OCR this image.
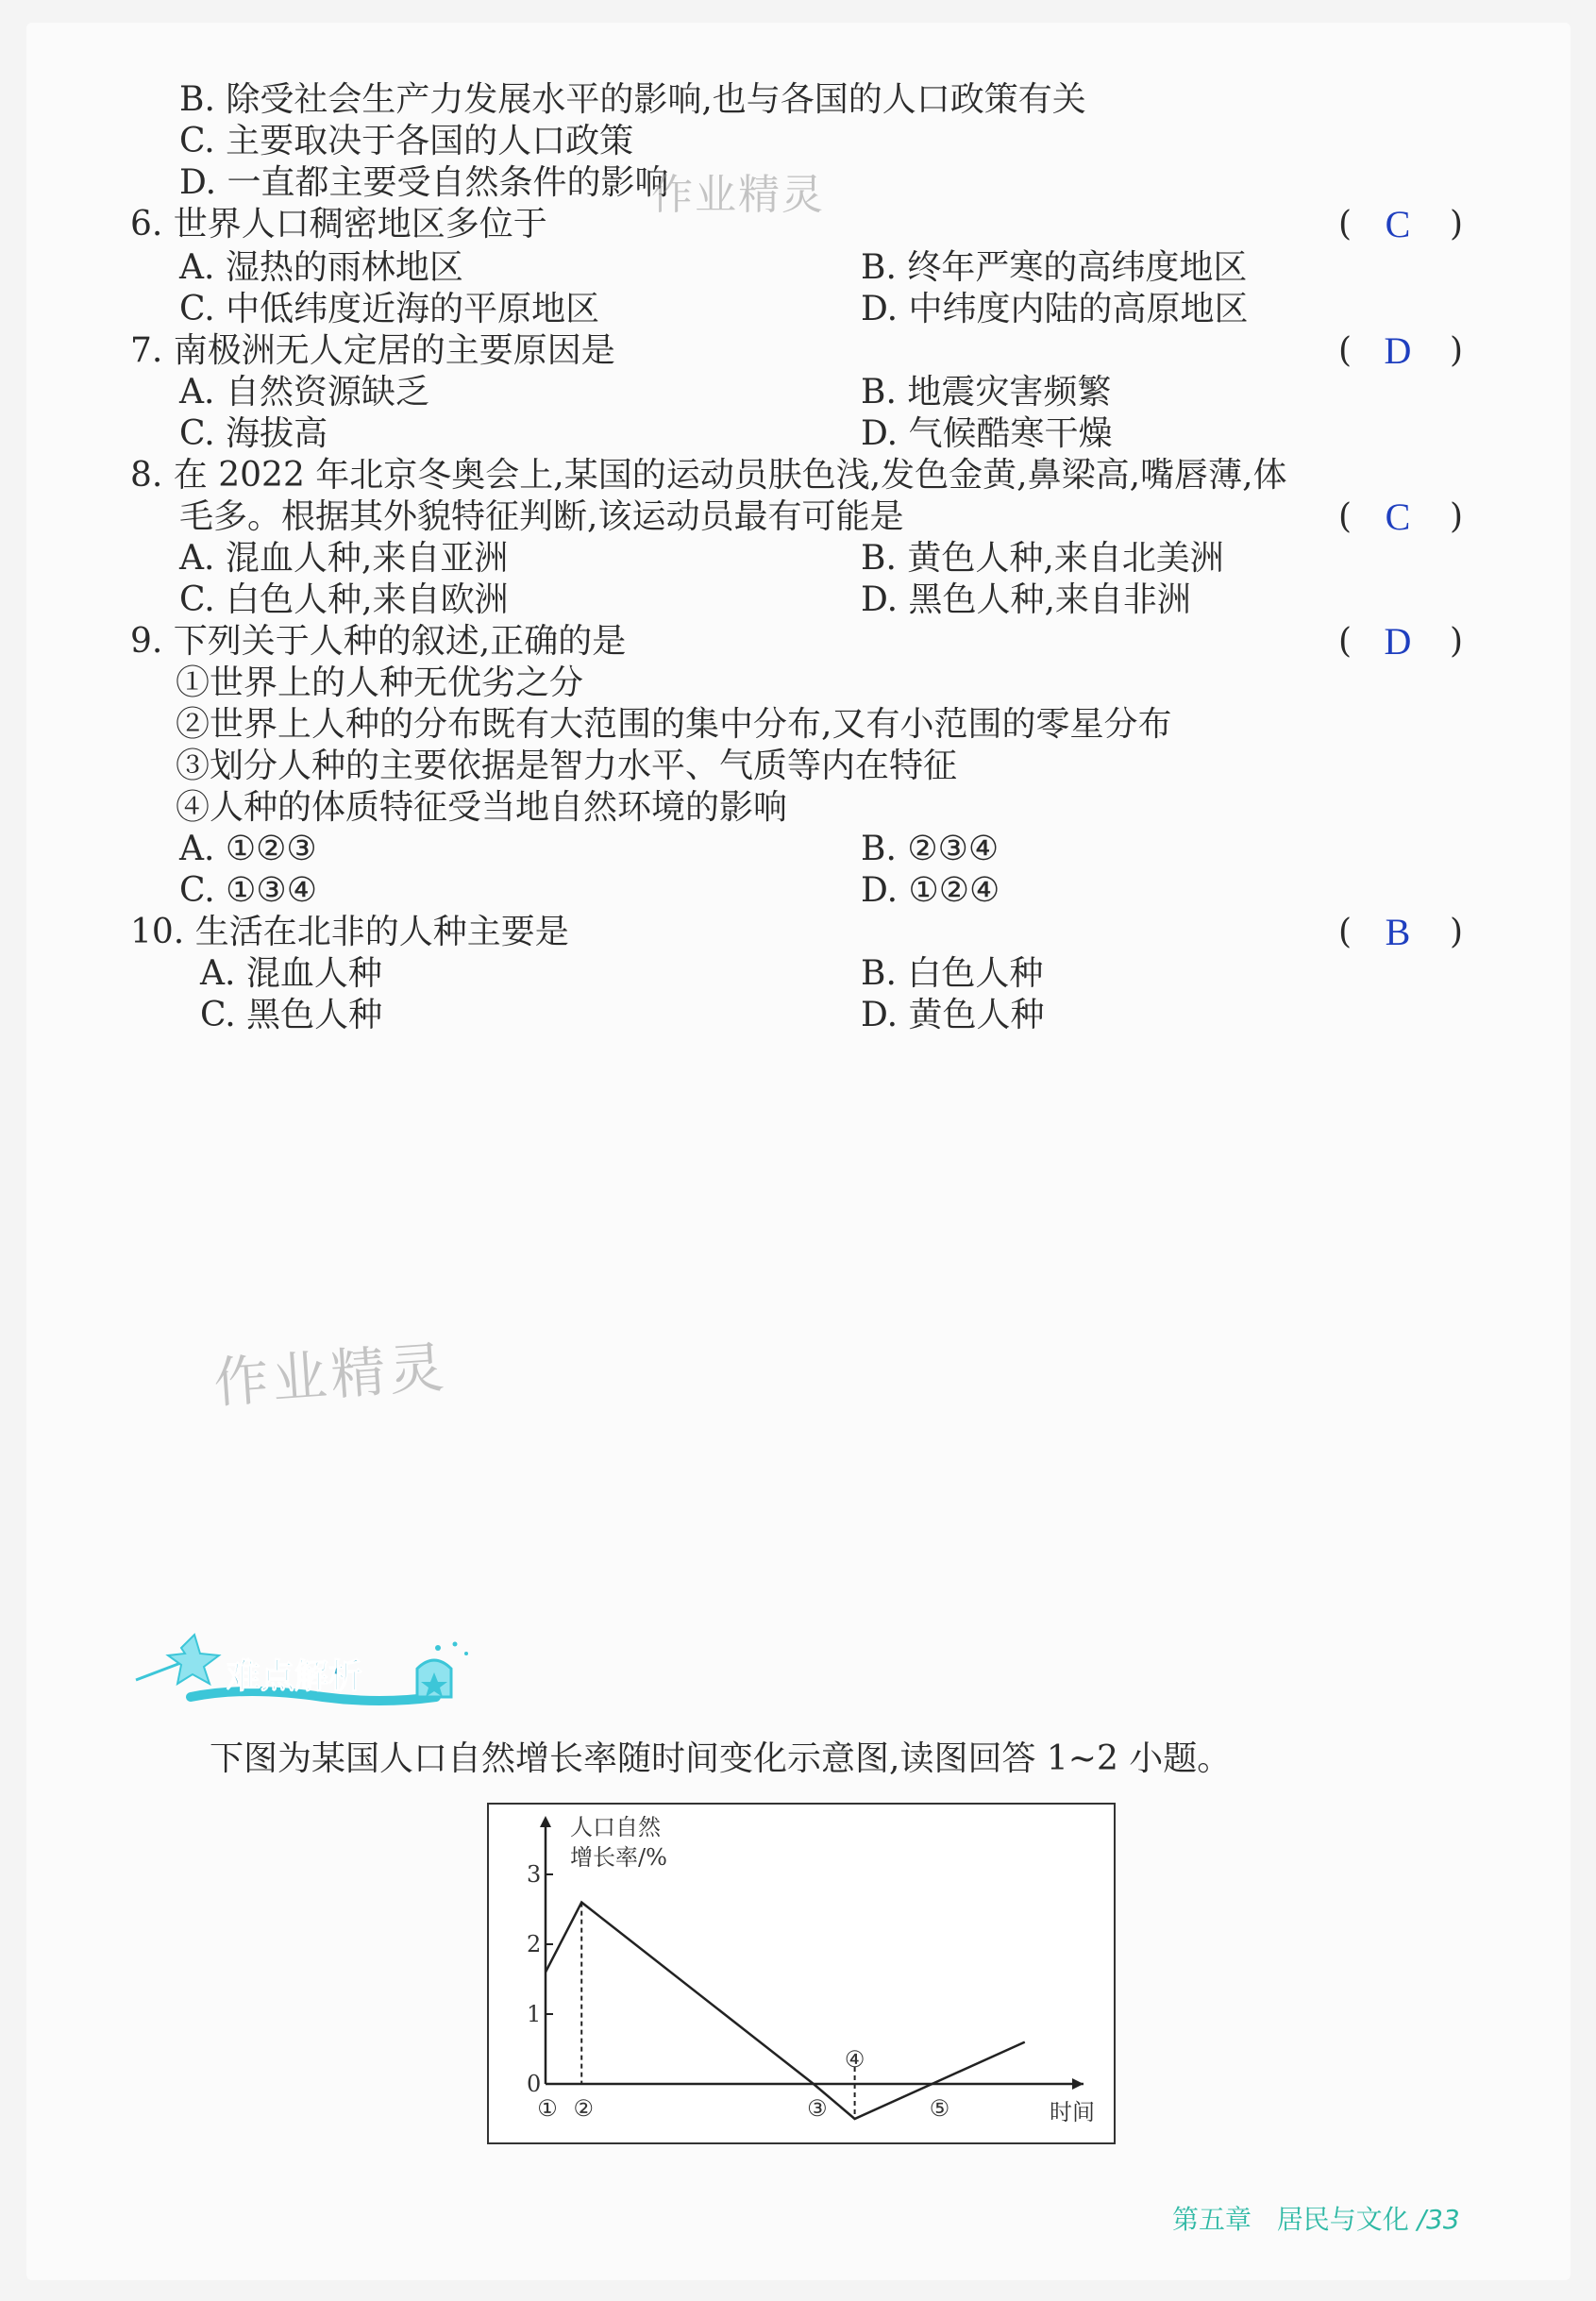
B. 除受社会生产力发展水平的影响,也与各国的人口政策有关
C. 主要取决于各国的人口政策
D. 一直都主要受自然条件的影响
作业精灵
6. 世界人口稠密地区多位于	( C	)
A. 湿热的雨林地区	B. 终年严寒的高纬度地区
C. 中低纬度近海的平原地区	D. 中纬度内陆的高原地区
7. 南极洲无人定居的主要原因是	( D )
A. 自然资源缺乏	B. 地震灾害频繁
C. 海拔高	D. 气候酷寒干燥
8. 在 2022 年北京冬奥会上,某国的运动员肤色浅,发色金黄,鼻梁高,嘴唇薄,体
毛多。根据其外貌特征判断,该运动员最有可能是	( C	)
A. 混血人种,来自亚洲	B. 黄色人种,来自北美洲
C. 白色人种,来自欧洲	D. 黑色人种,来自非洲
9. 下列关于人种的叙述,正确的是	( D )
①世界上的人种无优劣之分
②世界上人种的分布既有大范围的集中分布,又有小范围的零星分布
③划分人种的主要依据是智力水平、气质等内在特征
④人种的体质特征受当地自然环境的影响
A. ①②③	B. ②③④
C. ①③④	D. ①②④
作业精灵
10. 生活在北非的人种主要是	( B	)
A. 混血人种	B. 白色人种
C. 黑色人种	D. 黄色人种
难点解析
下图为某国人口自然增长率随时间变化示意图,读图回答 1~2 小题。
人口自然
增长率/%
时间
0
1
2
3
① ②	③
④
⑤
第五章 居民与文化 /33
